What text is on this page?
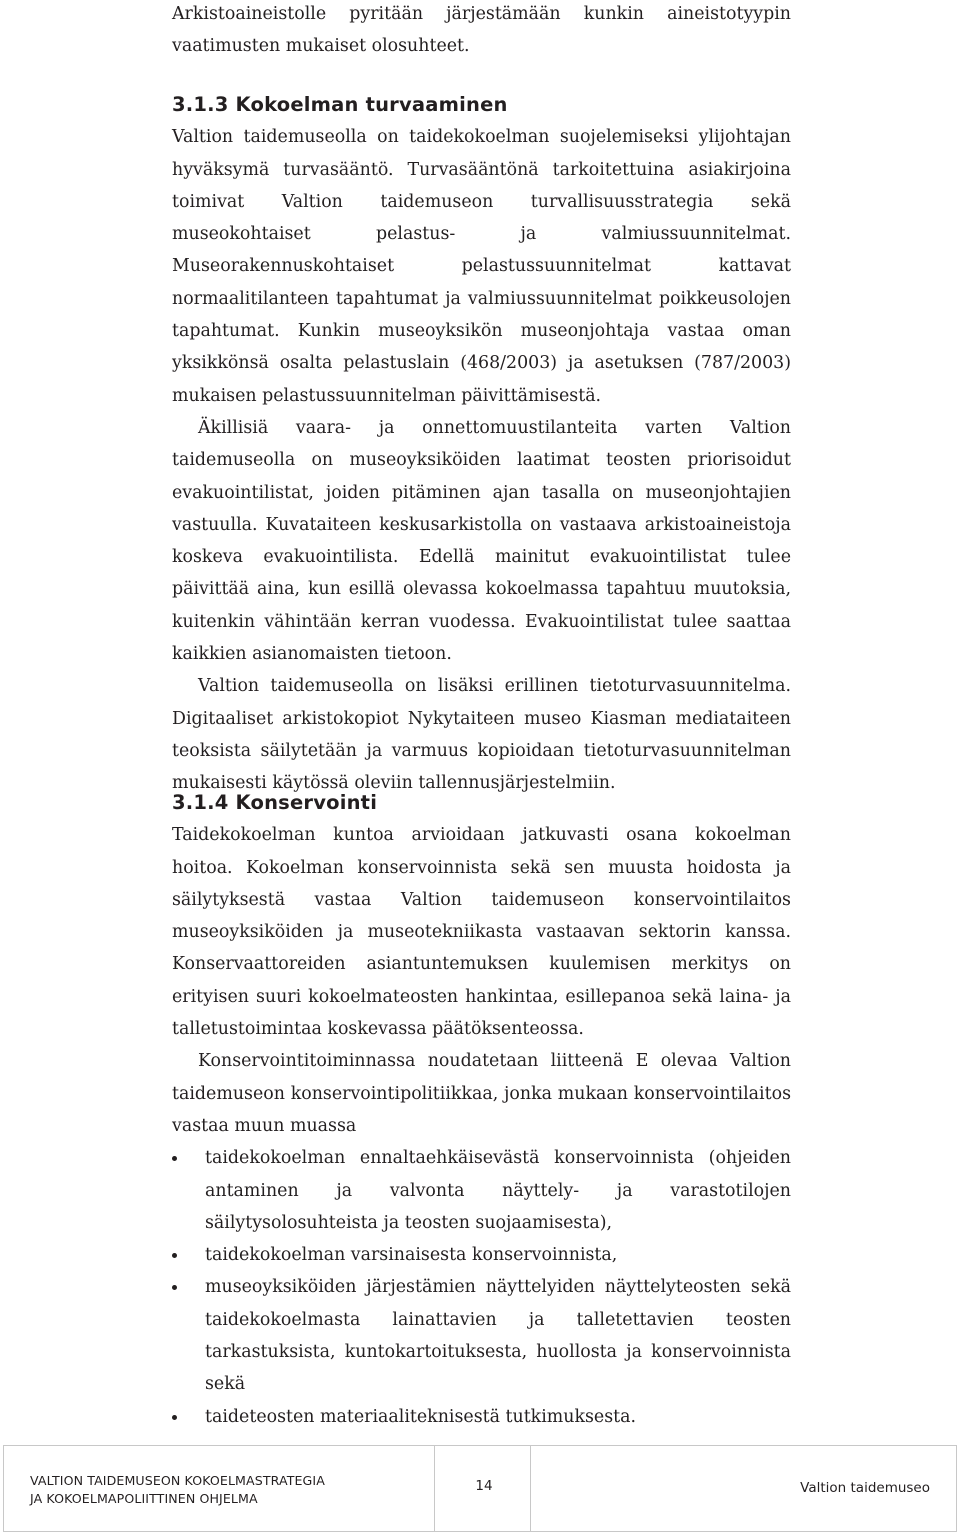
Arkistoaineistolle pyritään järjestämään kunkin aineistotyypin vaatimusten mukaiset olosuhteet.

3.1.3 Kokoelman turvaaminen

Valtion taidemuseolla on taidekokoelman suojelemiseksi ylijohtajan hyväksymä turvasääntö. Turvasääntönä tarkoitettuina asiakirjoina toimivat Valtion taidemuseon turvallisuusstrategia sekä museokohtaiset pelastus- ja valmiussuunnitelmat. Museorakennuskohtaiset pelastussuunnitelmat kattavat normaalitilanteen tapahtumat ja valmiussuunnitelmat poikkeusolojen tapahtumat. Kunkin museoyksikön museonjohtaja vastaa oman yksikkönsä osalta pelastuslain (468/2003) ja asetuksen (787/2003) mukaisen pelastussuunnitelman päivittämisestä.

Äkillisiä vaara- ja onnettomuustilanteita varten Valtion taidemuseolla on museoyksiköiden laatimat teosten priorisoidut evakuointilistat, joiden pitäminen ajan tasalla on museonjohtajien vastuulla. Kuvataiteen keskusarkistolla on vastaava arkistoaineistoja koskeva evakuointilista. Edellä mainitut evakuointilistat tulee päivittää aina, kun esillä olevassa kokoelmassa tapahtuu muutoksia, kuitenkin vähintään kerran vuodessa. Evakuointilistat tulee saattaa kaikkien asianomaisten tietoon.

Valtion taidemuseolla on lisäksi erillinen tietoturvasuunnitelma. Digitaaliset arkistokopiot Nykytaiteen museo Kiasman mediataiteen teoksista säilytetään ja varmuus kopioidaan tietoturvasuunnitelman mukaisesti käytössä oleviin tallennusjärjestelmiin.

3.1.4 Konservointi

Taidekokoelman kuntoa arvioidaan jatkuvasti osana kokoelman hoitoa. Kokoelman konservoinnista sekä sen muusta hoidosta ja säilytyksestä vastaa Valtion taidemuseon konservointilaitos museoyksiköiden ja museotekniikasta vastaavan sektorin kanssa. Konservaattoreiden asiantuntemuksen kuulemisen merkitys on erityisen suuri kokoelmateosten hankintaa, esillepanoa sekä laina- ja talletustoimintaa koskevassa päätöksenteossa.

Konservointitoiminnassa noudatetaan liitteenä E olevaa Valtion taidemuseon konservointipolitiikkaa, jonka mukaan konservointilaitos vastaa muun muassa

taidekokoelman ennaltaehkäisevästä konservoinnista (ohjeiden antaminen ja valvonta näyttely- ja varastotilojen säilytysolosuhteista ja teosten suojaamisesta),
taidekokoelman varsinaisesta konservoinnista,
museoyksiköiden järjestämien näyttelyiden näyttelyteosten sekä taidekokoelmasta lainattavien ja talletettavien teosten tarkastuksista, kuntokartoituksesta, huollosta ja konservoinnista sekä
taideteosten materiaaliteknisestä tutkimuksesta.
VALTION TAIDEMUSEON KOKOELMASTRATEGIA
JA KOKOELMAPOLIITTINEN OHJELMA
14	Valtion taidemuseo
